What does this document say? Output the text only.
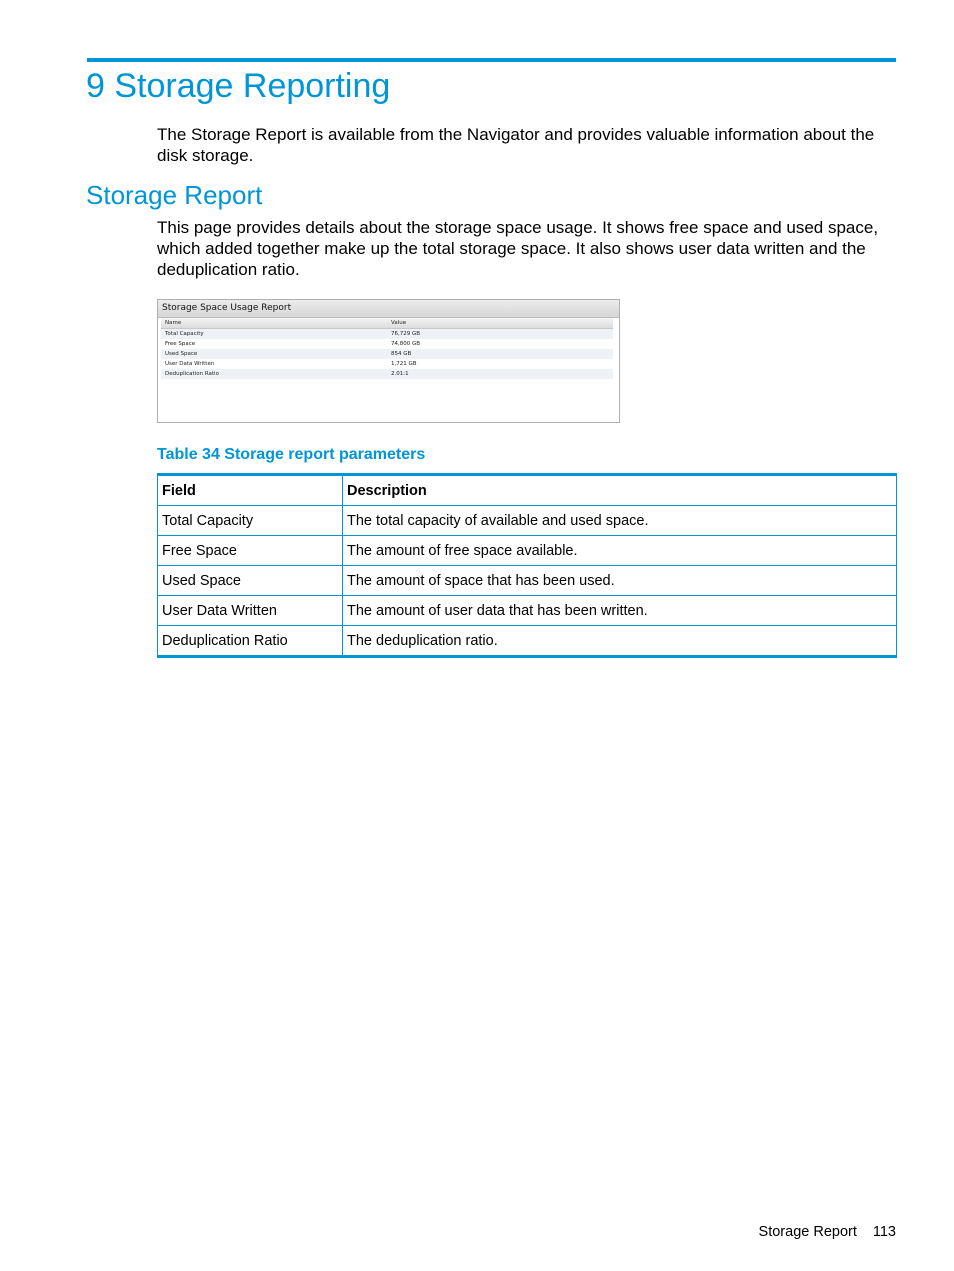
9 Storage Reporting

The Storage Report is available from the Navigator and provides valuable information about the disk storage.

Storage Report

This page provides details about the storage space usage. It shows free space and used space, which added together make up the total storage space. It also shows user data written and the deduplication ratio.

Storage Space Usage Report
Name	Value
Total Capacity	76,729 GB
Free Space	74,800 GB
Used Space	854 GB
User Data Written	1,721 GB
Deduplication Ratio	2.01:1

Table 34 Storage report parameters

Field	Description
Total Capacity	The total capacity of available and used space.
Free Space	The amount of free space available.
Used Space	The amount of space that has been used.
User Data Written	The amount of user data that has been written.
Deduplication Ratio	The deduplication ratio.
Storage Report 113
